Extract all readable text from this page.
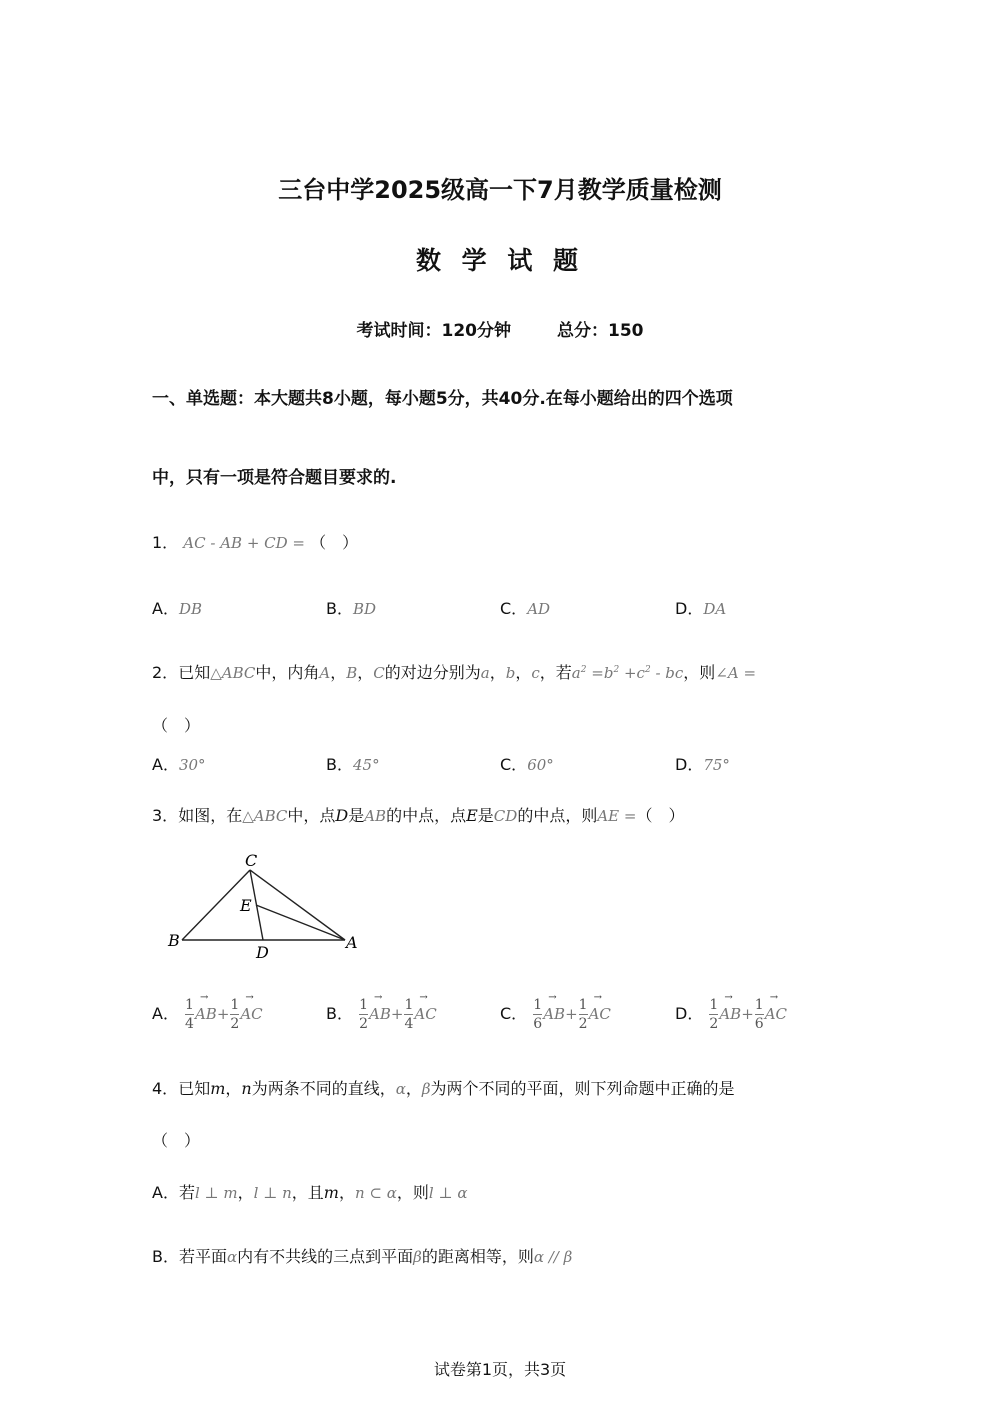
三台中学2025级高一下7月教学质量检测
数 学 试 题
考试时间：120分钟	总分：150
一、单选题：本大题共8小题，每小题5分，共40分.在每小题给出的四个选项
中，只有一项是符合题目要求的.
1． AC - AB + CD = （　）
A．DB	B．BD	C．AD	D．DA
2．已知△ABC中，内角A，B，C的对边分别为a，b，c，若$a^2 =b^2 +c^2$ - bc，则∠A =
（　）
A．30°	B．45°	C．60°	D．75°
3．如图，在△ABC中，点D是AB的中点，点E是CD的中点，则AE =（　）
C
E
B
D
A
A． $\frac{1}{4}$
→ $AB+ \frac{1}{2}$
→ AC	B． $\frac{1}{2}$
→ $AB+ \frac{1}{4}$
→ AC	C． $\frac{1}{6}$
→ $AB+ \frac{1}{2}$
→ AC	D． $\frac{1}{2}$
→ $AB+ \frac{1}{6}$
→ AC
4．已知m，n为两条不同的直线，α，β为两个不同的平面，则下列命题中正确的是
（　）
A．若l ⊥ m，l ⊥ n，且m，n ⊂ α，则l ⊥ α
B．若平面α内有不共线的三点到平面β的距离相等，则α // β
试卷第1页，共3页
